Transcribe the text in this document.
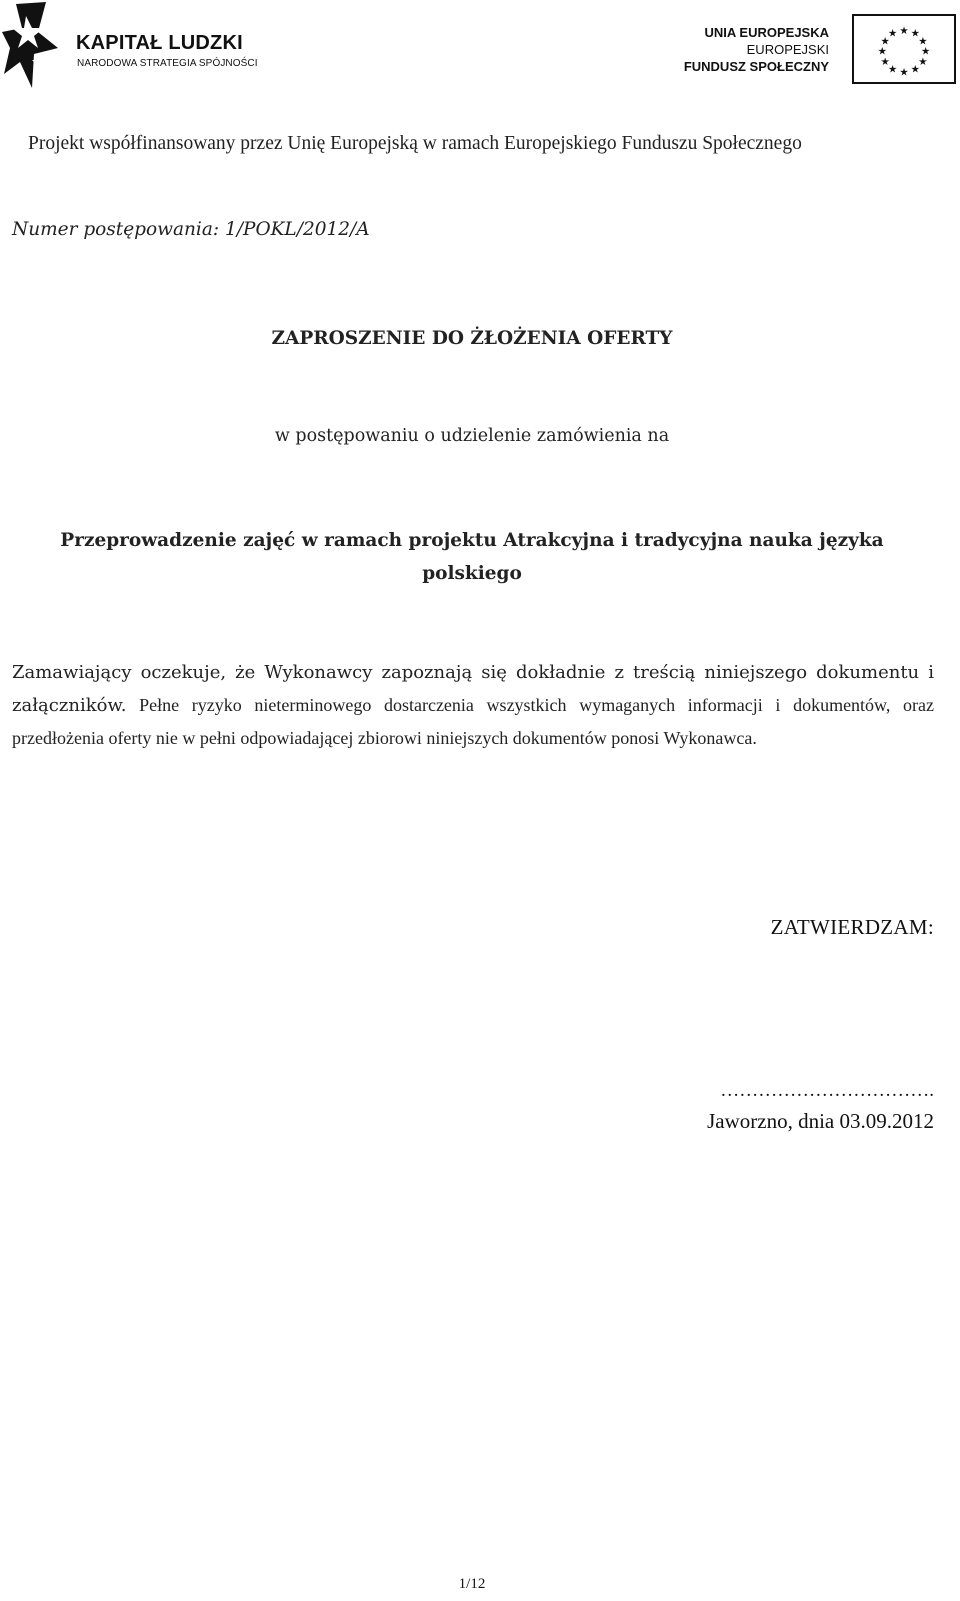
KAPITAŁ LUDZKI
NARODOWA STRATEGIA SPÓJNOŚCI
UNIA EUROPEJSKA
EUROPEJSKI
FUNDUSZ SPOŁECZNY
★ ★
★
★
★
★
★
★
★
★
★
★
Projekt współfinansowany przez Unię Europejską w ramach Europejskiego Funduszu Społecznego
Numer postępowania: 1/POKL/2012/A
ZAPROSZENIE DO ŻŁOŻENIA OFERTY
w postępowaniu o udzielenie zamówienia na
Przeprowadzenie zajęć w ramach projektu Atrakcyjna i tradycyjna nauka języka polskiego
Zamawiający oczekuje, że Wykonawcy zapoznają się dokładnie z treścią niniejszego dokumentu i załączników. Pełne ryzyko nieterminowego dostarczenia wszystkich wymaganych informacji i dokumentów, oraz przedłożenia oferty nie w pełni odpowiadającej zbiorowi niniejszych dokumentów ponosi Wykonawca.
ZATWIERDZAM:
…………………………….
Jaworzno, dnia 03.09.2012
1/12
